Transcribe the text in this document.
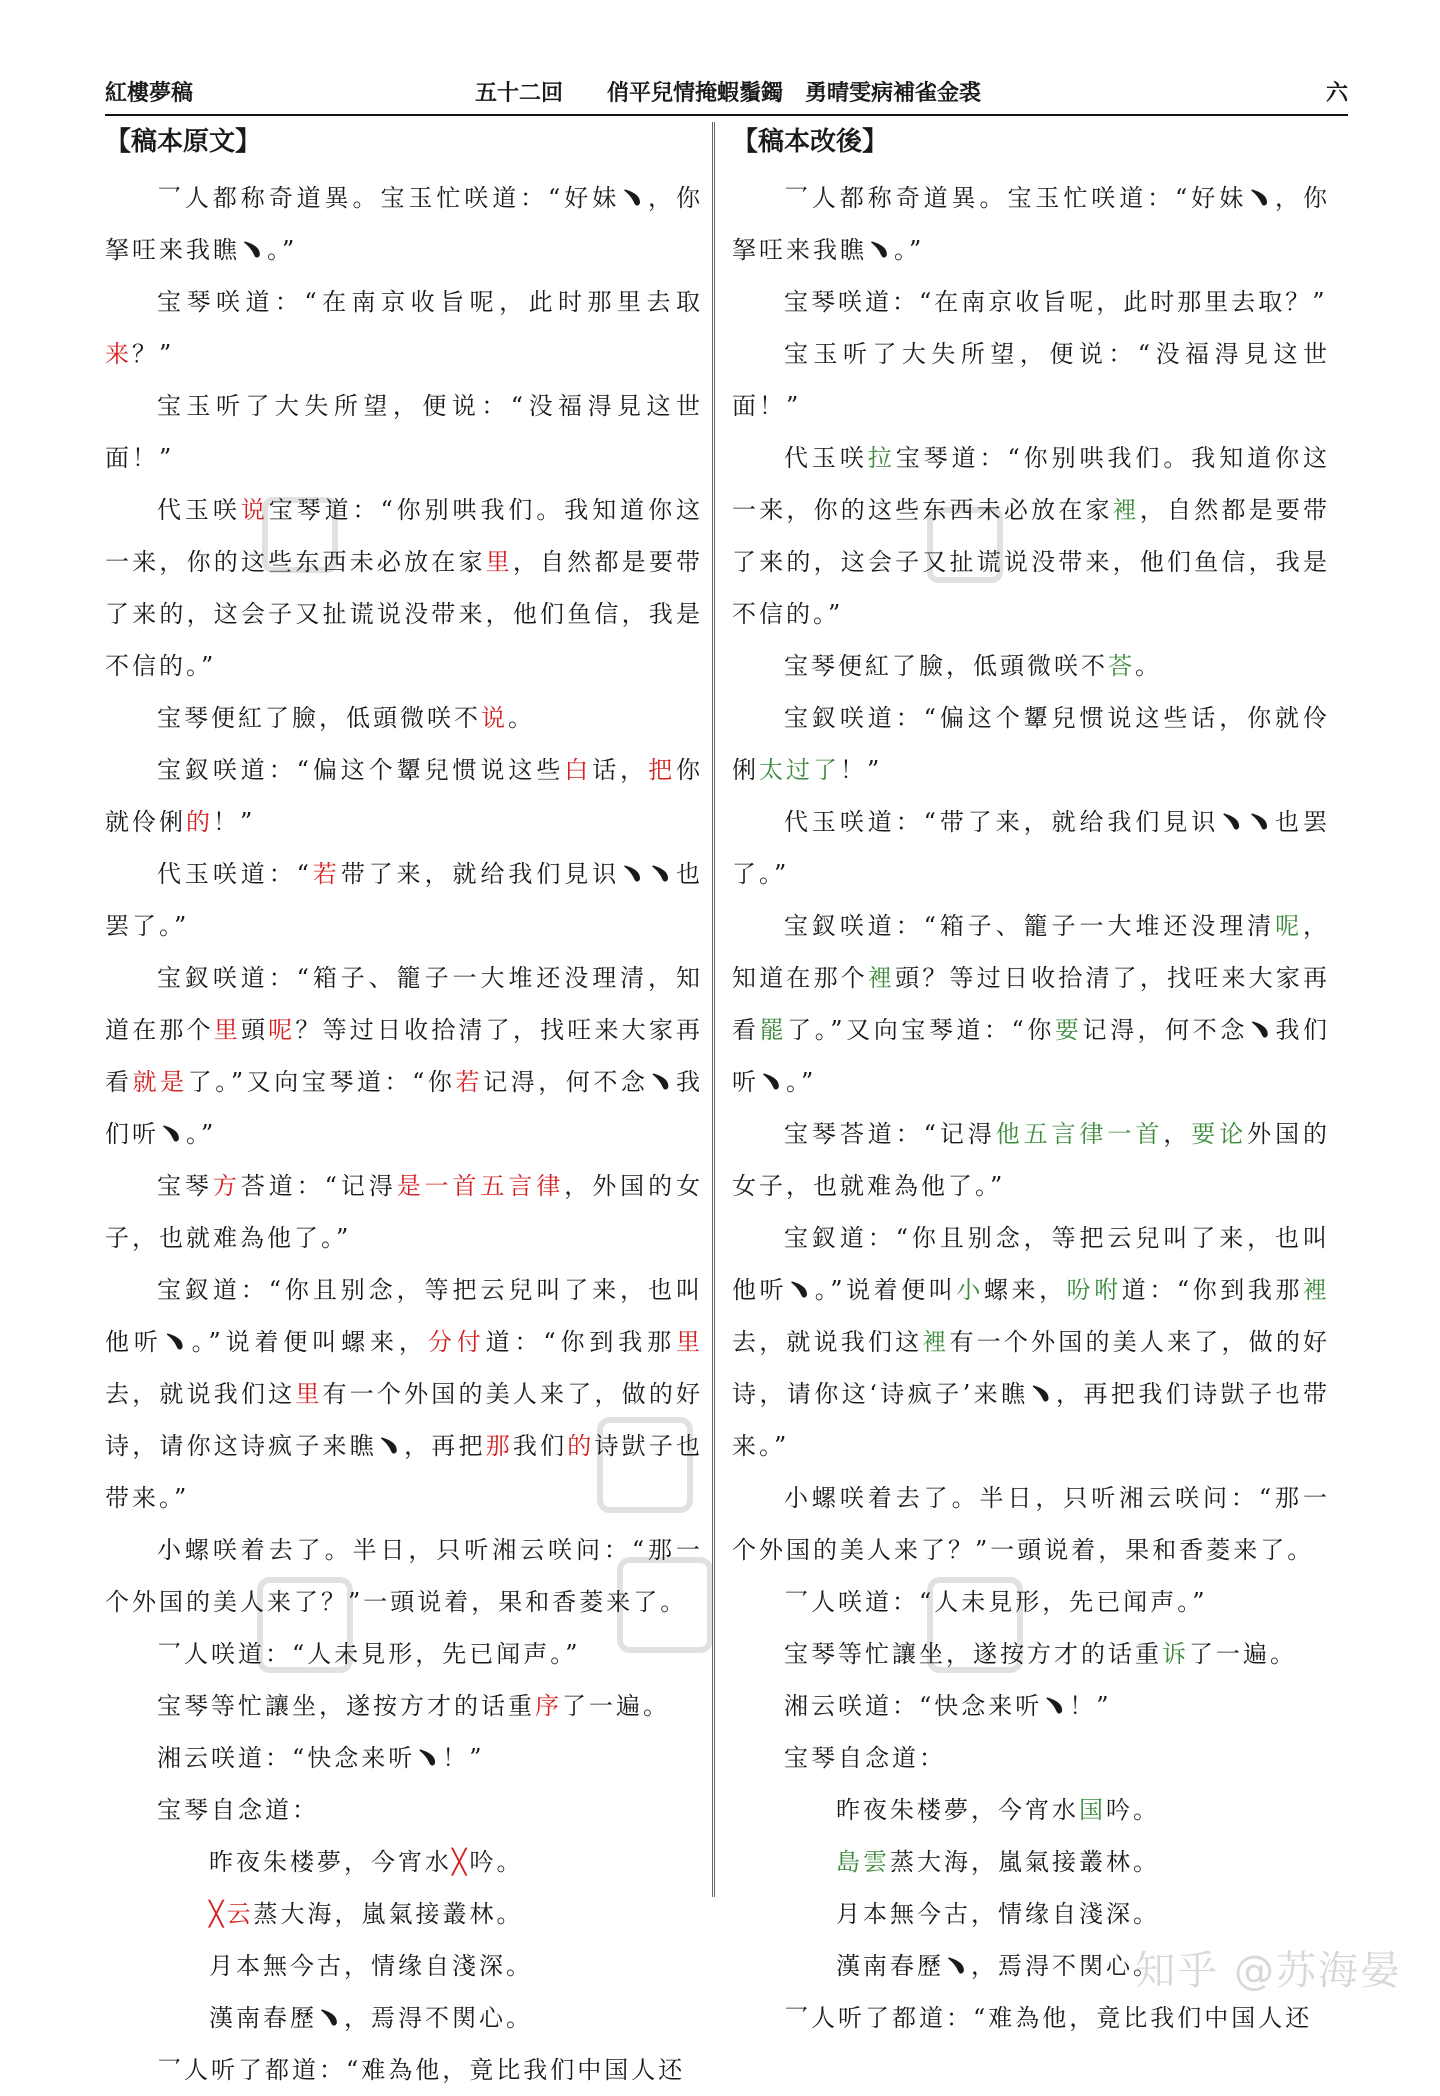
紅樓夢稿	五十二回　　俏平兒情掩蝦鬚鐲　勇晴雯病補雀金裘	六
【稿本原文】

乛人都称奇道異。宝玉忙咲道：“好妹﹅，你拏㕵来我瞧﹅。”

宝琴咲道：“在南京收旨呢，此时那里去取来？”

宝玉听了大失所望，便说：“没福淂見这世面！”

代玉咲说宝琴道：“你别哄我们。我知道你这一来，你的这些东西未必放在家里，自然都是要带了来的，这会子又扯谎说没带来，他们鱼信，我是不信的。”

宝琴便紅了臉，低頭微咲不说。

宝釵咲道：“偏这个顰兒惯说这些白话，把你就伶俐的！”

代玉咲道：“若带了来，就给我们見识﹅﹅也罢了。”

宝釵咲道：“箱子、籠子一大堆还没理清，知道在那个里頭呢？等过日收拾清了，找㕵来大家再看就是了。”又向宝琴道：“你若记淂，何不念﹅我们听﹅。”

宝琴方荅道：“记淂是一首五言律，外国的女子，也就难為他了。”

宝釵道：“你且别念，等把云兒叫了来，也叫他听﹅。”说着便叫螺来，分付道：“你到我那里去，就说我们这里有一个外国的美人来了，做的好诗，请你这诗疯子来瞧﹅，再把那我们的诗獃子也带来。”

小螺咲着去了。半日，只听湘云咲问：“那一个外国的美人来了？”一頭说着，果和香菱来了。

乛人咲道：“人未見形，先已闻声。”

宝琴等忙讓坐，遂按方才的话重序了一遍。

湘云咲道：“快念来听﹅！”

宝琴自念道：

昨夜朱楼夢，今宵水╳吟。

╳云蒸大海，嵐氣接叢林。

月本無今古，情缘自淺深。

漢南春歷﹅，焉淂不関心。

乛人听了都道：“难為他，竟比我们中国人还

【稿本改後】

乛人都称奇道異。宝玉忙咲道：“好妹﹅，你拏㕵来我瞧﹅。”

宝琴咲道：“在南京收旨呢，此时那里去取？”

宝玉听了大失所望，便说：“没福淂見这世面！”

代玉咲拉宝琴道：“你别哄我们。我知道你这一来，你的这些东西未必放在家裡，自然都是要带了来的，这会子又扯谎说没带来，他们鱼信，我是不信的。”

宝琴便紅了臉，低頭微咲不荅。

宝釵咲道：“偏这个顰兒惯说这些话，你就伶俐太过了！”

代玉咲道：“带了来，就给我们見识﹅﹅也罢了。”

宝釵咲道：“箱子、籠子一大堆还没理清呢，知道在那个裡頭？等过日收拾清了，找㕵来大家再看罷了。”又向宝琴道：“你要记淂，何不念﹅我们听﹅。”

宝琴荅道：“记淂他五言律一首，要论外国的女子，也就难為他了。”

宝釵道：“你且别念，等把云兒叫了来，也叫他听﹅。”说着便叫小螺来，吩咐道：“你到我那裡去，就说我们这裡有一个外国的美人来了，做的好诗，请你这‘诗疯子’来瞧﹅，再把我们诗獃子也带来。”

小螺咲着去了。半日，只听湘云咲问：“那一个外国的美人来了？”一頭说着，果和香菱来了。

乛人咲道：“人未見形，先已闻声。”

宝琴等忙讓坐，遂按方才的话重诉了一遍。

湘云咲道：“快念来听﹅！”

宝琴自念道：

昨夜朱楼夢，今宵水国吟。

島雲蒸大海，嵐氣接叢林。

月本無今古，情缘自淺深。

漢南春歷﹅，焉淂不関心。

乛人听了都道：“难為他，竟比我们中国人还

知乎 @苏海晏
